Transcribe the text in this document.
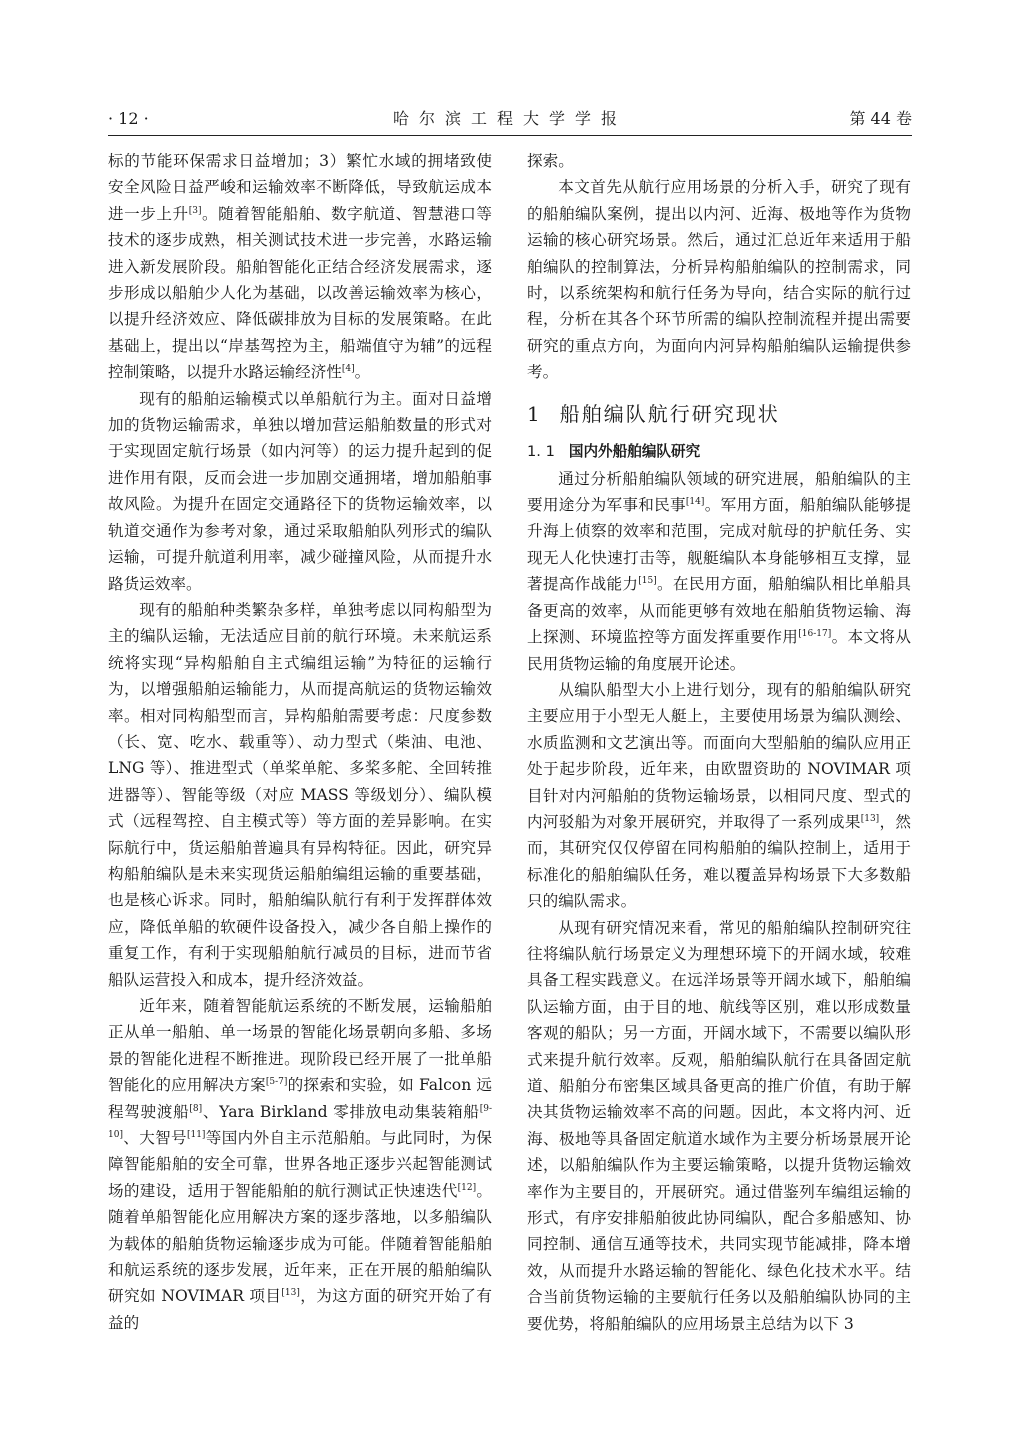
· 12 ·	哈尔滨工程大学学报	第 44 卷

标的节能环保需求日益增加；3）繁忙水域的拥堵致使安全风险日益严峻和运输效率不断降低，导致航运成本进一步上升[3]。随着智能船舶、数字航道、智慧港口等技术的逐步成熟，相关测试技术进一步完善，水路运输进入新发展阶段。船舶智能化正结合经济发展需求，逐步形成以船舶少人化为基础，以改善运输效率为核心，以提升经济效应、降低碳排放为目标的发展策略。在此基础上，提出以“岸基驾控为主，船端值守为辅”的远程控制策略，以提升水路运输经济性[4]。

现有的船舶运输模式以单船航行为主。面对日益增加的货物运输需求，单独以增加营运船舶数量的形式对于实现固定航行场景（如内河等）的运力提升起到的促进作用有限，反而会进一步加剧交通拥堵，增加船舶事故风险。为提升在固定交通路径下的货物运输效率，以轨道交通作为参考对象，通过采取船舶队列形式的编队运输，可提升航道利用率，减少碰撞风险，从而提升水路货运效率。

现有的船舶种类繁杂多样，单独考虑以同构船型为主的编队运输，无法适应目前的航行环境。未来航运系统将实现“异构船舶自主式编组运输”为特征的运输行为，以增强船舶运输能力，从而提高航运的货物运输效率。相对同构船型而言，异构船舶需要考虑：尺度参数（长、宽、吃水、载重等）、动力型式（柴油、电池、LNG 等）、推进型式（单桨单舵、多桨多舵、全回转推进器等）、智能等级（对应 MASS 等级划分）、编队模式（远程驾控、自主模式等）等方面的差异影响。在实际航行中，货运船舶普遍具有异构特征。因此，研究异构船舶编队是未来实现货运船舶编组运输的重要基础，也是核心诉求。同时，船舶编队航行有利于发挥群体效应，降低单船的软硬件设备投入，减少各自船上操作的重复工作，有利于实现船舶航行减员的目标，进而节省船队运营投入和成本，提升经济效益。

近年来，随着智能航运系统的不断发展，运输船舶正从单一船舶、单一场景的智能化场景朝向多船、多场景的智能化进程不断推进。现阶段已经开展了一批单船智能化的应用解决方案[5-7]的探索和实验，如 Falcon 远程驾驶渡船[8]、Yara Birkland 零排放电动集装箱船[9-10]、大智号[11]等国内外自主示范船舶。与此同时，为保障智能船舶的安全可靠，世界各地正逐步兴起智能测试场的建设，适用于智能船舶的航行测试正快速迭代[12]。随着单船智能化应用解决方案的逐步落地，以多船编队为载体的船舶货物运输逐步成为可能。伴随着智能船舶和航运系统的逐步发展，近年来，正在开展的船舶编队研究如 NOVIMAR 项目[13]，为这方面的研究开始了有益的

探索。

本文首先从航行应用场景的分析入手，研究了现有的船舶编队案例，提出以内河、近海、极地等作为货物运输的核心研究场景。然后，通过汇总近年来适用于船舶编队的控制算法，分析异构船舶编队的控制需求，同时，以系统架构和航行任务为导向，结合实际的航行过程，分析在其各个环节所需的编队控制流程并提出需要研究的重点方向，为面向内河异构船舶编队运输提供参考。

1 船舶编队航行研究现状
1. 1 国内外船舶编队研究

通过分析船舶编队领域的研究进展，船舶编队的主要用途分为军事和民事[14]。军用方面，船舶编队能够提升海上侦察的效率和范围，完成对航母的护航任务、实现无人化快速打击等，舰艇编队本身能够相互支撑，显著提高作战能力[15]。在民用方面，船舶编队相比单船具备更高的效率，从而能更够有效地在船舶货物运输、海上探测、环境监控等方面发挥重要作用[16-17]。本文将从民用货物运输的角度展开论述。

从编队船型大小上进行划分，现有的船舶编队研究主要应用于小型无人艇上，主要使用场景为编队测绘、水质监测和文艺演出等。而面向大型船舶的编队应用正处于起步阶段，近年来，由欧盟资助的 NOVIMAR 项目针对内河船舶的货物运输场景，以相同尺度、型式的内河驳船为对象开展研究，并取得了一系列成果[13]，然而，其研究仅仅停留在同构船舶的编队控制上，适用于标准化的船舶编队任务，难以覆盖异构场景下大多数船只的编队需求。

从现有研究情况来看，常见的船舶编队控制研究往往将编队航行场景定义为理想环境下的开阔水域，较难具备工程实践意义。在远洋场景等开阔水域下，船舶编队运输方面，由于目的地、航线等区别，难以形成数量客观的船队；另一方面，开阔水域下，不需要以编队形式来提升航行效率。反观，船舶编队航行在具备固定航道、船舶分布密集区域具备更高的推广价值，有助于解决其货物运输效率不高的问题。因此，本文将内河、近海、极地等具备固定航道水域作为主要分析场景展开论述，以船舶编队作为主要运输策略，以提升货物运输效率作为主要目的，开展研究。通过借鉴列车编组运输的形式，有序安排船舶彼此协同编队，配合多船感知、协同控制、通信互通等技术，共同实现节能减排，降本增效，从而提升水路运输的智能化、绿色化技术水平。结合当前货物运输的主要航行任务以及船舶编队协同的主要优势，将船舶编队的应用场景主总结为以下 3
